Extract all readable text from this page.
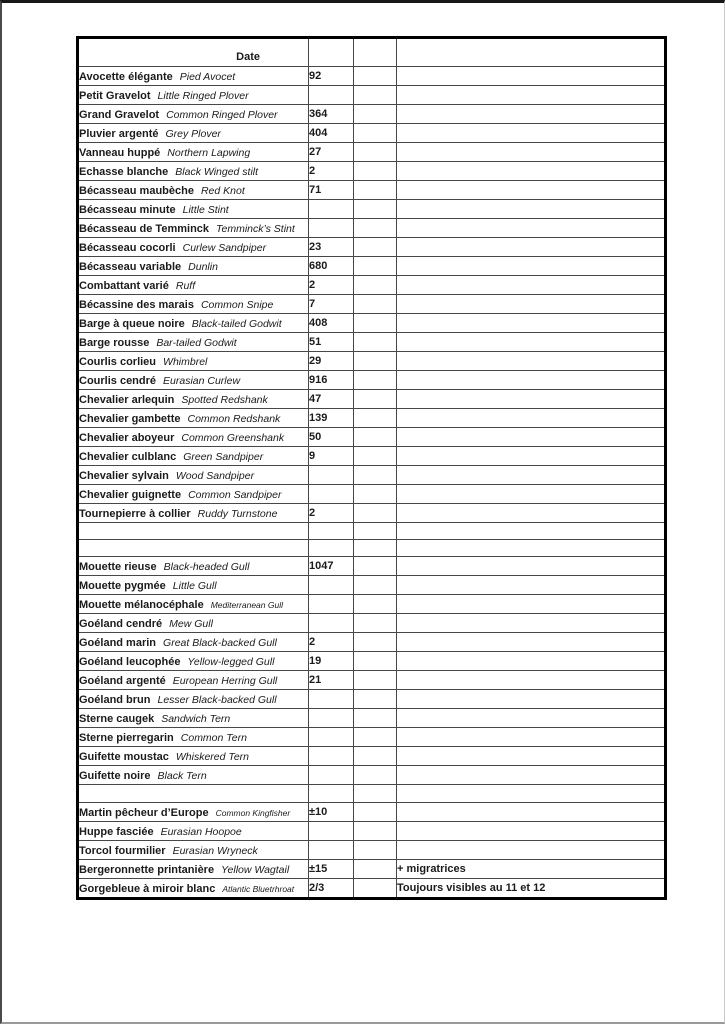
Date			
Avocette élégante Pied Avocet	92		
Petit Gravelot Little Ringed Plover			
Grand Gravelot Common Ringed Plover	364		
Pluvier argenté Grey Plover	404		
Vanneau huppé Northern Lapwing	27		
Echasse blanche Black Winged stilt	2		
Bécasseau maubèche Red Knot	71		
Bécasseau minute Little Stint			
Bécasseau de Temminck Temminck’s Stint			
Bécasseau cocorli Curlew Sandpiper	23		
Bécasseau variable Dunlin	680		
Combattant varié Ruff	2		
Bécassine des marais Common Snipe	7		
Barge à queue noire Black-tailed Godwit	408		
Barge rousse Bar-tailed Godwit	51		
Courlis corlieu Whimbrel	29		
Courlis cendré Eurasian Curlew	916		
Chevalier arlequin Spotted Redshank	47		
Chevalier gambette Common Redshank	139		
Chevalier aboyeur Common Greenshank	50		
Chevalier culblanc Green Sandpiper	9		
Chevalier sylvain Wood Sandpiper			
Chevalier guignette Common Sandpiper			
Tournepierre à collier Ruddy Turnstone	2		

Mouette rieuse Black-headed Gull	1047		
Mouette pygmée Little Gull			
Mouette mélanocéphale Mediterranean Gull			
Goéland cendré Mew Gull			
Goéland marin Great Black-backed Gull	2		
Goéland leucophée Yellow-legged Gull	19		
Goéland argenté European Herring Gull	21		
Goéland brun Lesser Black-backed Gull			
Sterne caugek Sandwich Tern			
Sterne pierregarin Common Tern			
Guifette moustac Whiskered Tern			
Guifette noire Black Tern			

Martin pêcheur d’Europe Common Kingfisher	±10		
Huppe fasciée Eurasian Hoopoe			
Torcol fourmilier Eurasian Wryneck			
Bergeronnette printanière Yellow Wagtail	±15		+ migratrices
Gorgebleue à miroir blanc Atlantic Bluetrhroat	2/3		Toujours visibles au 11 et 12
